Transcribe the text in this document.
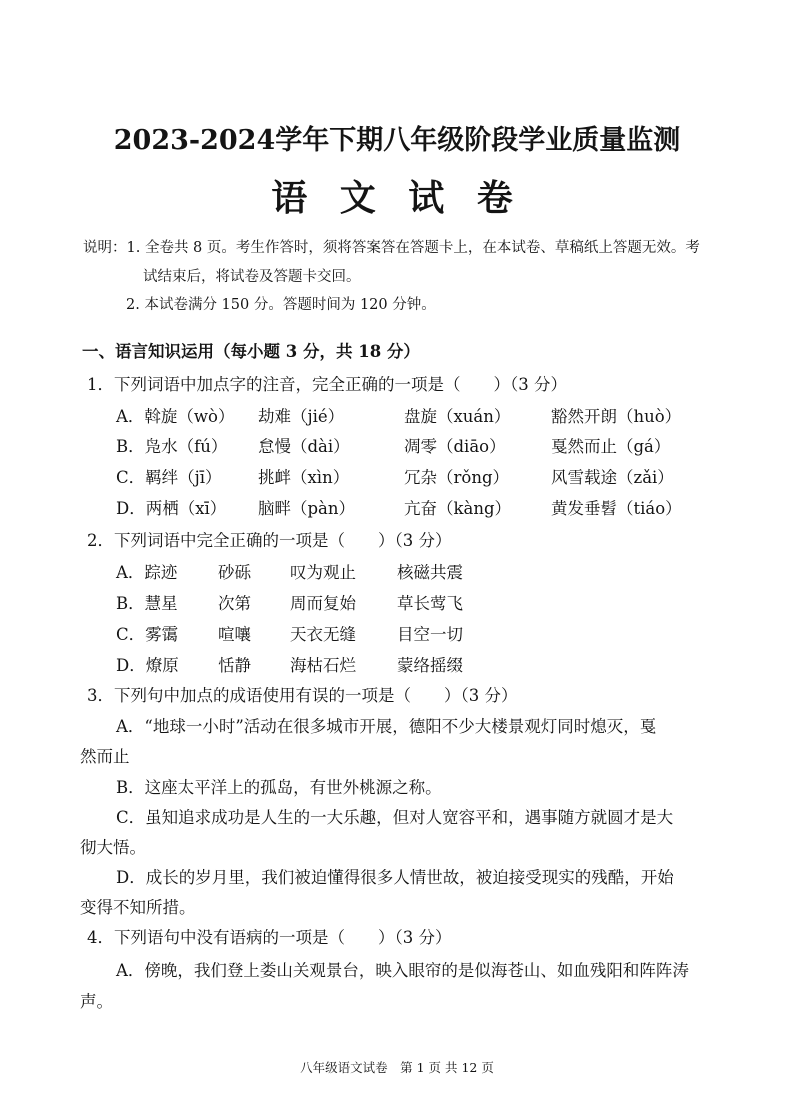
2023-2024学年下期八年级阶段学业质量监测
语 文 试 卷
说明：1. 全卷共 8 页。考生作答时，须将答案答在答题卡上，在本试卷、草稿纸上答题无效。考
试结束后，将试卷及答题卡交回。
2. 本试卷满分 150 分。答题时间为 120 分钟。
一、语言知识运用（每小题 3 分，共 18 分）
1．下列词语中加点字的注音，完全正确的一项是（　　）（3 分）
A．斡旋（wò） 劫难（jié）	盘旋（xuán） 豁然开朗（huò）
B．凫水（fú） 怠慢（dài）	凋零（diāo）	戛然而止（gá）
C．羁绊（jī） 挑衅（xìn）	冗杂（rǒng）	风雪载途（zǎi）
D．两栖（xī） 脑畔（pàn）	亢奋（kàng） 黄发垂髫（tiáo）
2．下列词语中完全正确的一项是（　　）（3 分）
A．踪迹 砂砾 叹为观止 核磁共震
B．慧星 次第 周而复始 草长莺飞
C．雾霭 喧嚷 天衣无缝 目空一切
D．燎原 恬静 海枯石烂 蒙络摇缀
3．下列句中加点的成语使用有误的一项是（　　）（3 分）
A．“地球一小时”活动在很多城市开展，德阳不少大楼景观灯同时熄灭，戛
然而止
B．这座太平洋上的孤岛，有世外桃源之称。
C．虽知追求成功是人生的一大乐趣，但对人宽容平和，遇事随方就圆才是大
彻大悟。
D．成长的岁月里，我们被迫懂得很多人情世故，被迫接受现实的残酷，开始
变得不知所措。
4．下列语句中没有语病的一项是（　　）（3 分）
A．傍晚，我们登上娄山关观景台，映入眼帘的是似海苍山、如血残阳和阵阵涛
声。
八年级语文试卷　第 1 页 共 12 页
